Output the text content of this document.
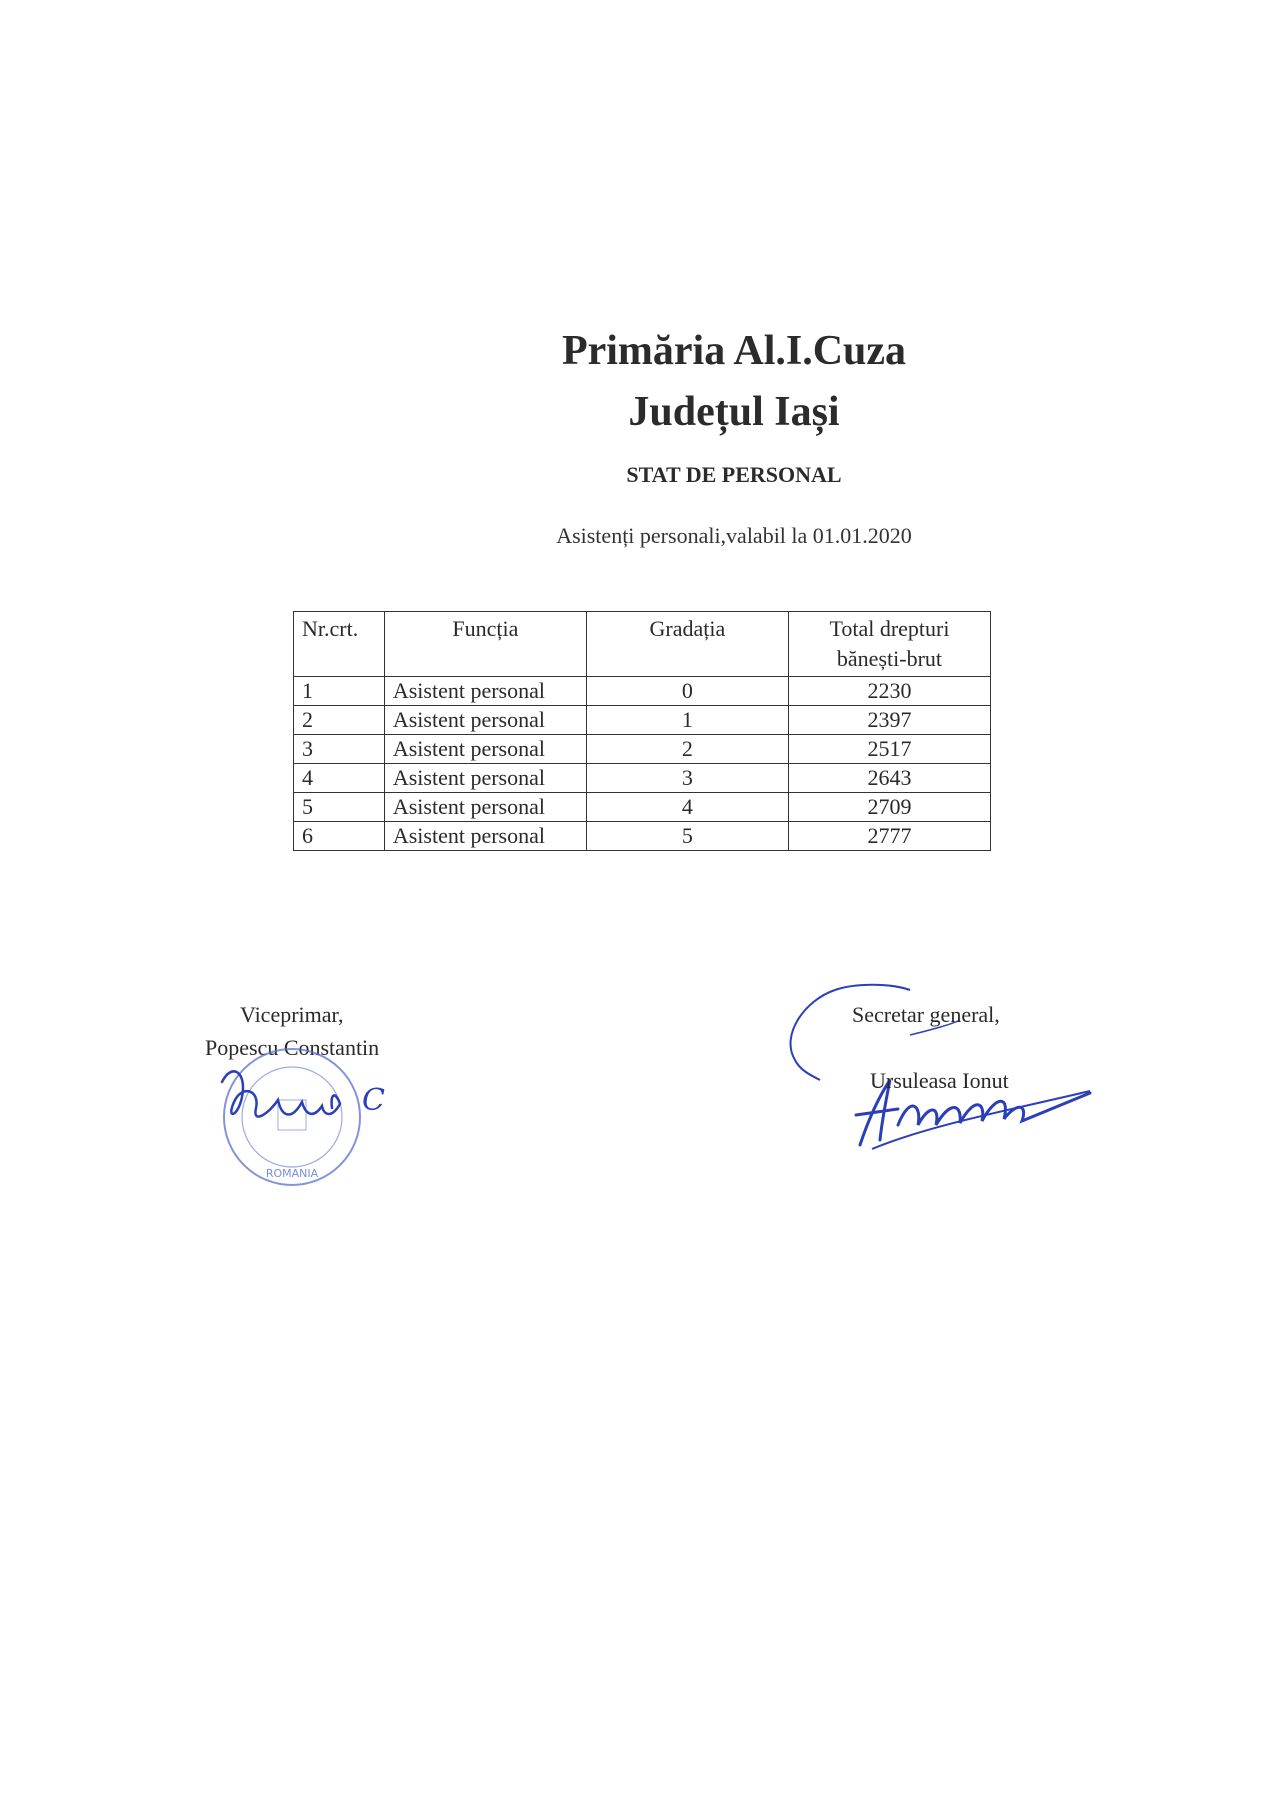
Primăria Al.I.Cuza
Județul Iași
STAT DE PERSONAL
Asistenți personali,valabil la 01.01.2020
Nr.crt.	Funcția	Gradația	Total drepturi bănești-brut
1	Asistent personal	0	2230
2	Asistent personal	1	2397
3	Asistent personal	2	2517
4	Asistent personal	3	2643
5	Asistent personal	4	2709
6	Asistent personal	5	2777
Viceprimar,
Popescu Constantin
ROMANIA
C
Secretar general,
Ursuleasa Ionut
